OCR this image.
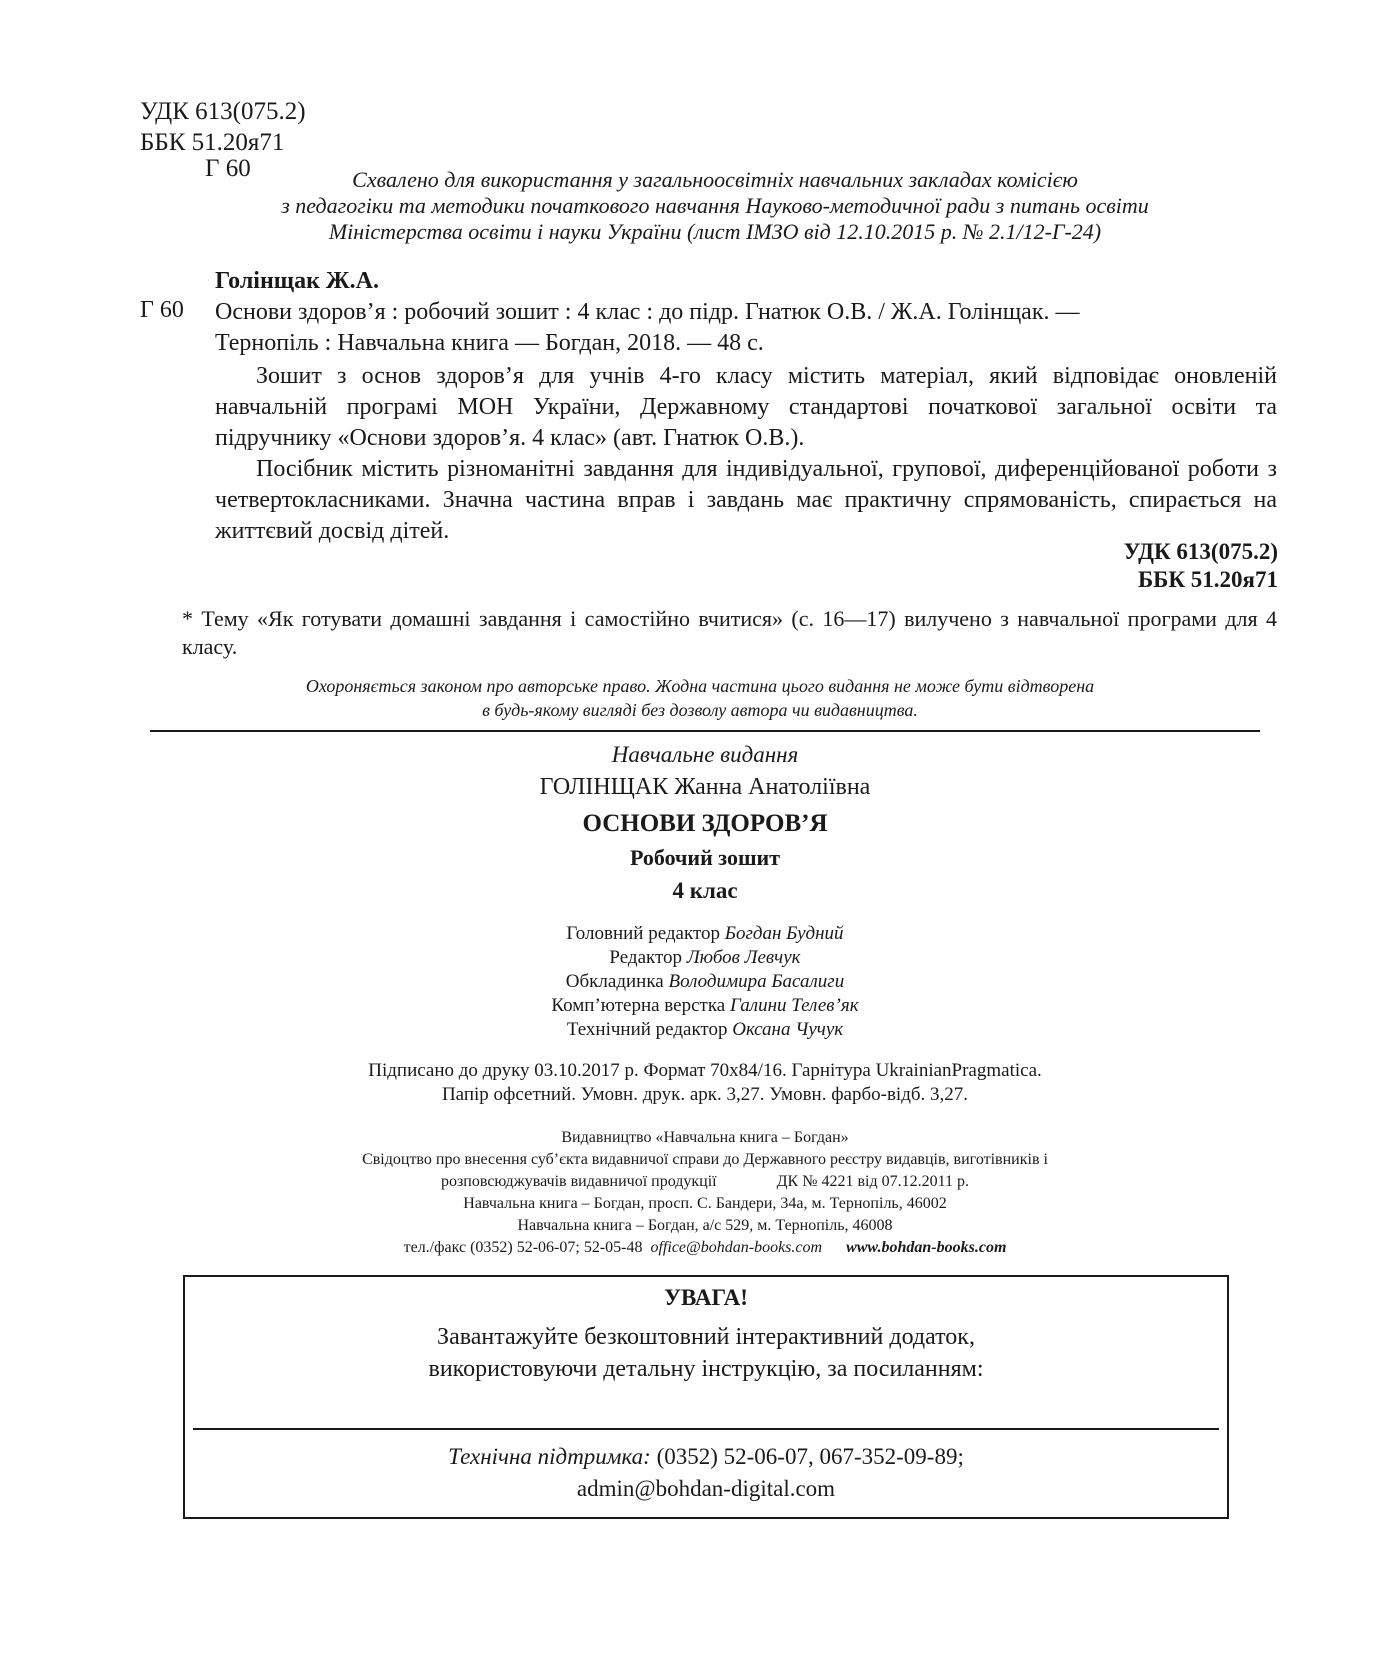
УДК 613(075.2)
ББК 51.20я71
Г 60	Схвалено для використання у загальноосвітніх навчальних закладах комісією
з педагогіки та методики початкового навчання Науково-методичної ради з питань освіти
Міністерства освіти і науки України (лист ІМЗО від 12.10.2015 р. № 2.1/12-Г-24)
Голінщак Ж.А.
Г 60 Основи здоров’я : робочий зошит : 4 клас : до підр. Гнатюк О.В. / Ж.А. Голінщак. —
Тернопіль : Навчальна книга — Богдан, 2018. — 48 с.

Зошит з основ здоров’я для учнів 4-го класу містить матеріал, який відповідає оновленій навчальній програмі МОН України, Державному стандартові початкової загальної освіти та підручнику «Основи здоров’я. 4 клас» (авт. Гнатюк О.В.).

Посібник містить різноманітні завдання для індивідуальної, групової, диференційованої роботи з четвертокласниками. Значна частина вправ і завдань має практичну спрямованість, спирається на життєвий досвід дітей.

УДК 613(075.2)
ББК 51.20я71
* Тему «Як готувати домашні завдання і самостійно вчитися» (с. 16—17) вилучено з навчальної програми для 4 класу.
Охороняється законом про авторське право. Жодна частина цього видання не може бути відтворена
в будь-якому вигляді без дозволу автора чи видавництва.
Навчальне видання
ГОЛІНЩАК Жанна Анатоліївна
ОСНОВИ ЗДОРОВ’Я
Робочий зошит
4 клас
Головний редактор Богдан Будний
Редактор Любов Левчук
Обкладинка Володимира Басалиги
Комп’ютерна верстка Галини Телев’як
Технічний редактор Оксана Чучук
Підписано до друку 03.10.2017 р. Формат 70х84/16. Гарнітура UkrainianPragmatica.
Папір офсетний. Умовн. друк. арк. 3,27. Умовн. фарбо-відб. 3,27.
Видавництво «Навчальна книга – Богдан»
Свідоцтво про внесення суб’єкта видавничої справи до Державного реєстру видавців, виготівників і
розповсюджувачів видавничої продукції	ДК № 4221 від 07.12.2011 р.
Навчальна книга – Богдан, просп. С. Бандери, 34а, м. Тернопіль, 46002
Навчальна книга – Богдан, а/с 529, м. Тернопіль, 46008
тел./факс (0352) 52-06-07; 52-05-48 office@bohdan-books.com www.bohdan-books.com
УВАГА!
Завантажуйте безкоштовний інтерактивний додаток,
використовуючи детальну інструкцію, за посиланням:
Технічна підтримка: (0352) 52-06-07, 067-352-09-89;
admin@bohdan-digital.com
